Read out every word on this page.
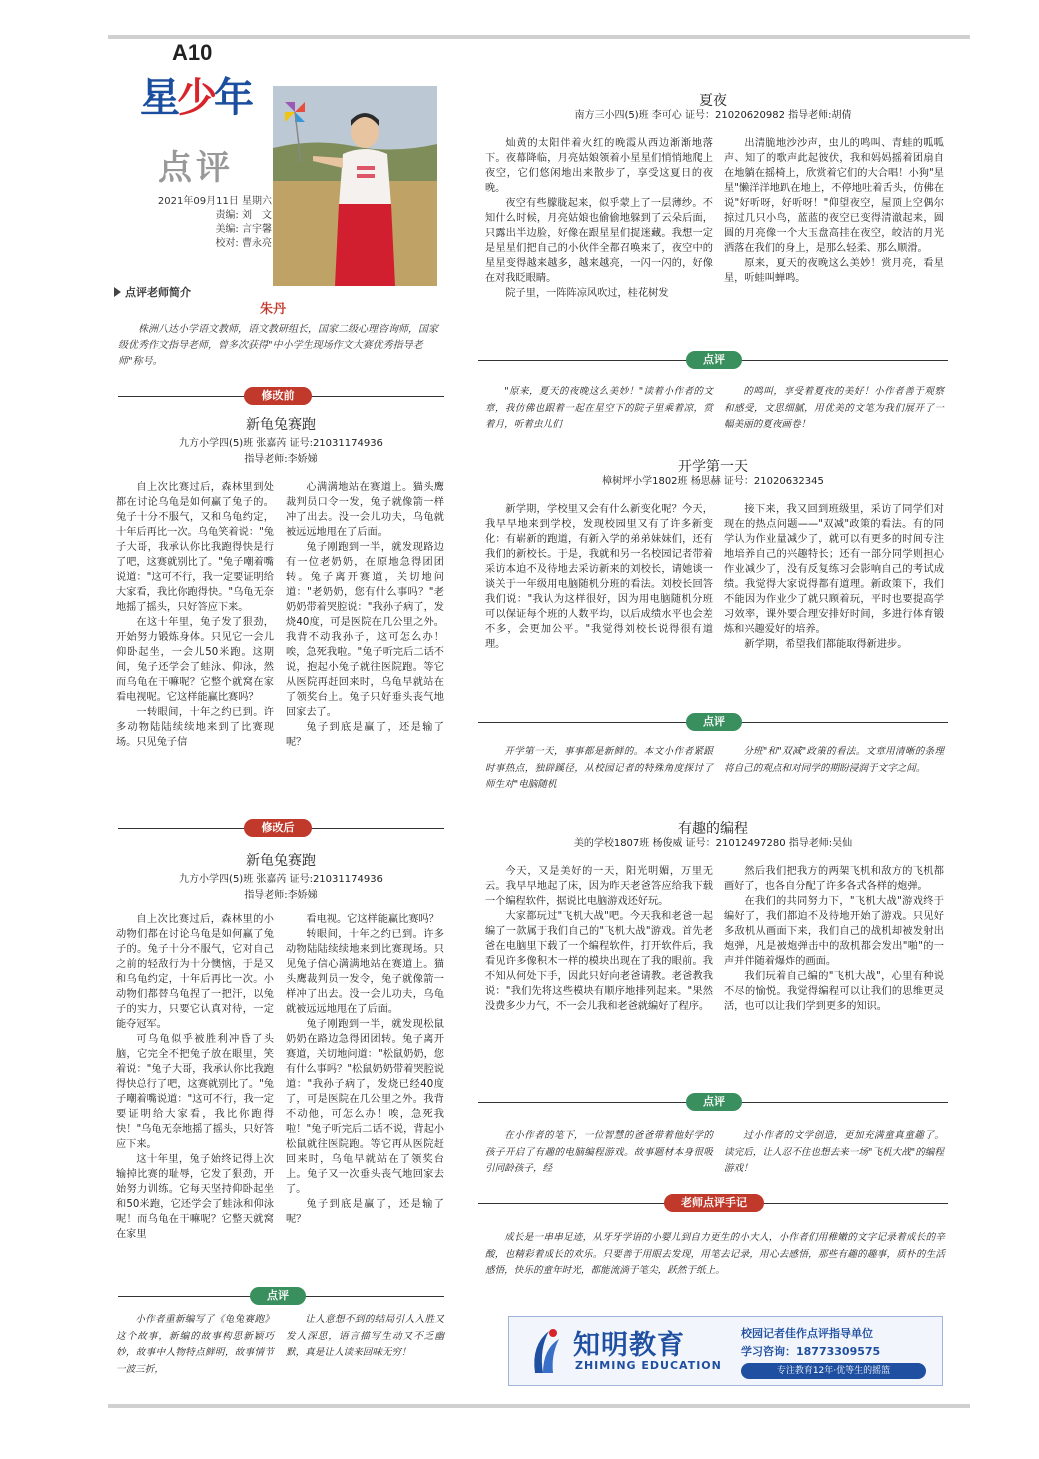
A10
星少年
点评
2021年09月11日 星期六
责编: 刘　文
美编: 言宇馨
校对: 曹永亮
点评老师简介
朱丹
株洲八达小学语文教师，语文教研组长，国家二级心理咨询师，国家级优秀作文指导老师，曾多次获得"中小学生现场作文大赛优秀指导老师"称号。
修改前
新龟兔赛跑
九方小学四(5)班 张嘉芮 证号:21031174936
指导老师:李娇娣

自上次比赛过后，森林里到处都在讨论乌龟是如何赢了兔子的。兔子十分不服气，又和乌龟约定，十年后再比一次。乌龟笑着说："兔子大哥，我承认你比我跑得快是行了吧，这赛就别比了。"兔子嘲着嘴说道："这可不行，我一定要证明给大家看，我比你跑得快。"乌龟无奈地摇了摇头，只好答应下来。

在这十年里，兔子发了狠劲，开始努力锻炼身体。只见它一会儿仰卧起坐，一会儿50米跑。这期间，兔子还学会了蛙泳、仰泳，然而乌龟在干嘛呢？它整个就窝在家看电视呢。它这样能赢比赛吗？

一转眼间，十年之约已到。许多动物陆陆续续地来到了比赛现场。只见兔子信

心满满地站在赛道上。猫头鹰裁判员口令一发，兔子就像箭一样冲了出去。没一会儿功夫，乌龟就被远远地甩在了后面。

兔子刚跑到一半，就发现路边有一位老奶奶，在原地急得团团转。兔子离开赛道，关切地问道："老奶奶，您有什么事吗？"老奶奶带着哭腔说："我孙子病了，发烧40度，可是医院在几公里之外。我背不动我孙子，这可怎么办！唉，急死我啦。"兔子听完后二话不说，抱起小兔子就往医院跑。等它从医院再赶回来时，乌龟早就站在了领奖台上。兔子只好垂头丧气地回家去了。

兔子到底是赢了，还是输了呢？

修改后
新龟兔赛跑
九方小学四(5)班 张嘉芮 证号:21031174936
指导老师:李娇娣

自上次比赛过后，森林里的小动物们都在讨论乌龟是如何赢了兔子的。兔子十分不服气，它对自己之前的轻敌行为十分懊恼，于是又和乌龟约定，十年后再比一次。小动物们都替乌龟捏了一把汗，以兔子的实力，只要它认真对待，一定能夺冠军。

可乌龟似乎被胜利冲昏了头脑，它完全不把兔子放在眼里，笑着说："兔子大哥，我承认你比我跑得快总行了吧，这赛就别比了。"兔子嘲着嘴说道："这可不行，我一定要证明给大家看，我比你跑得快！"乌龟无奈地摇了摇头，只好答应下来。

这十年里，兔子始终记得上次输掉比赛的耻辱，它发了狠劲，开始努力训练。它每天坚持仰卧起坐和50米跑，它还学会了蛙泳和仰泳呢！而乌龟在干嘛呢？它整天就窝在家里

看电视。它这样能赢比赛吗？

转眼间，十年之约已到。许多动物陆陆续续地来到比赛现场。只见兔子信心满满地站在赛道上。猫头鹰裁判员一发令，兔子就像箭一样冲了出去。没一会儿功夫，乌龟就被远远地甩在了后面。

兔子刚跑到一半，就发现松鼠奶奶在路边急得团团转。兔子离开赛道，关切地问道："松鼠奶奶，您有什么事吗？"松鼠奶奶带着哭腔说道："我孙子病了，发烧已经40度了，可是医院在几公里之外。我背不动他，可怎么办！唉，急死我啦！"兔子听完后二话不说，背起小松鼠就往医院跑。等它再从医院赶回来时，乌龟早就站在了领奖台上。兔子又一次垂头丧气地回家去了。

兔子到底是赢了，还是输了呢？

点评

小作者重新编写了《龟兔赛跑》这个故事，新编的故事构思新颖巧妙，故事中人物特点鲜明，故事情节一波三折，

让人意想不到的结局引人入胜又发人深思，语言描写生动又不乏幽默，真是让人读来回味无穷！

夏夜
南方三小四(5)班 李可心 证号：21020620982 指导老师:胡倩

灿黄的太阳伴着火红的晚霞从西边渐渐地落下。夜幕降临，月亮姑娘领着小星星们悄悄地爬上夜空，它们悠闲地出来散步了，享受这夏日的夜晚。

夜空有些朦胧起来，似乎蒙上了一层薄纱。不知什么时候，月亮姑娘也偷偷地躲到了云朵后面，只露出半边脸，好像在跟星星们捉迷藏。我想一定是星星们把自己的小伙伴全都召唤来了，夜空中的星星变得越来越多，越来越亮，一闪一闪的，好像在对我眨眼睛。

院子里，一阵阵凉风吹过，桂花树发

出清脆地沙沙声，虫儿的鸣叫、青蛙的呱呱声、知了的歌声此起彼伏，我和妈妈摇着团扇自在地躺在摇椅上，欣赏着它们的大合唱！小狗"星星"懒洋洋地趴在地上，不停地吐着舌头，仿佛在说"好听呀，好听呀！"仰望夜空，屋顶上空偶尔掠过几只小鸟，蓝蓝的夜空已变得清澈起来，圆圆的月亮像一个大玉盘高挂在夜空，皎洁的月光洒落在我们的身上，是那么轻柔、那么顺滑。

原来，夏天的夜晚这么美妙！赏月亮，看星星，听蛙叫蝉鸣。

点评

"原来，夏天的夜晚这么美妙！"读着小作者的文章，我仿佛也跟着一起在星空下的院子里乘着凉，赏着月，听着虫儿们

的鸣叫，享受着夏夜的美好！小作者善于观察和感受，文思细腻，用优美的文笔为我们展开了一幅美丽的夏夜画卷！

开学第一天
樟树坪小学1802班 杨思赫 证号：21020632345

新学期，学校里又会有什么新变化呢？今天，我早早地来到学校，发现校园里又有了许多新变化：有崭新的跑道，有新入学的弟弟妹妹们，还有我们的新校长。于是，我就和另一名校园记者带着采访本迫不及待地去采访新来的刘校长，请她谈一谈关于一年级用电脑随机分班的看法。刘校长回答我们说："我认为这样很好，因为用电脑随机分班可以保证每个班的人数平均，以后成绩水平也会差不多，会更加公平。"我觉得刘校长说得很有道理。

接下来，我又回到班级里，采访了同学们对现在的热点问题——"双减"政策的看法。有的同学认为作业量减少了，就可以有更多的时间专注地培养自己的兴趣特长；还有一部分同学则担心作业减少了，没有反复练习会影响自己的考试成绩。我觉得大家说得都有道理。新政策下，我们不能因为作业少了就只顾着玩，平时也要提高学习效率，课外要合理安排好时间，多进行体育锻炼和兴趣爱好的培养。

新学期，希望我们都能取得新进步。

点评

开学第一天，事事都是新鲜的。本文小作者紧跟时事热点，独辟蹊径，从校园记者的特殊角度探讨了师生对"电脑随机

分班"和"双减"政策的看法。文章用清晰的条理将自己的观点和对同学的期盼浸润于文字之间。

有趣的编程
美的学校1807班 杨俊威 证号：21012497280 指导老师:吴仙

今天，又是美好的一天，阳光明媚，万里无云。我早早地起了床，因为昨天老爸答应给我下载一个编程软件，据说比电脑游戏还好玩。

大家都玩过"飞机大战"吧。今天我和老爸一起编了一款属于我们自己的"飞机大战"游戏。首先老爸在电脑里下载了一个编程软件，打开软件后，我看见许多像积木一样的模块出现在了我的眼前。我不知从何处下手，因此只好向老爸请教。老爸教我说："我们先将这些模块有顺序地排列起来。"果然没费多少力气，不一会儿我和老爸就编好了程序。

然后我们把我方的两架飞机和敌方的飞机都画好了，也各自分配了许多各式各样的炮弹。

在我们的共同努力下，"飞机大战"游戏终于编好了，我们都迫不及待地开始了游戏。只见好多敌机从画面下来，我们自己的战机却被发射出炮弹，凡是被炮弹击中的敌机都会发出"啪"的一声并伴随着爆炸的画面。

我们玩着自己编的"飞机大战"，心里有种说不尽的愉悦。我觉得编程可以让我们的思维更灵活，也可以让我们学到更多的知识。

点评

在小作者的笔下，一位智慧的爸爸带着他好学的孩子开启了有趣的电脑编程游戏。故事题材本身很吸引同龄孩子，经

过小作者的文学创造，更加充满童真童趣了。读完后，让人忍不住也想去来一场"飞机大战"的编程游戏！

老师点评手记

成长是一串串足迹，从牙牙学语的小婴儿到自力更生的小大人，小作者们用稚嫩的文字记录着成长的辛酸，也精彩着成长的欢乐。只要善于用眼去发现，用笔去记录，用心去感悟，那些有趣的趣事，质朴的生活感悟，快乐的童年时光，都能流淌于笔尖，跃然于纸上。

知明教育
ZHIMING EDUCATION
校园记者佳作点评指导单位
学习咨询：18773309575
专注教育12年·优等生的摇篮
